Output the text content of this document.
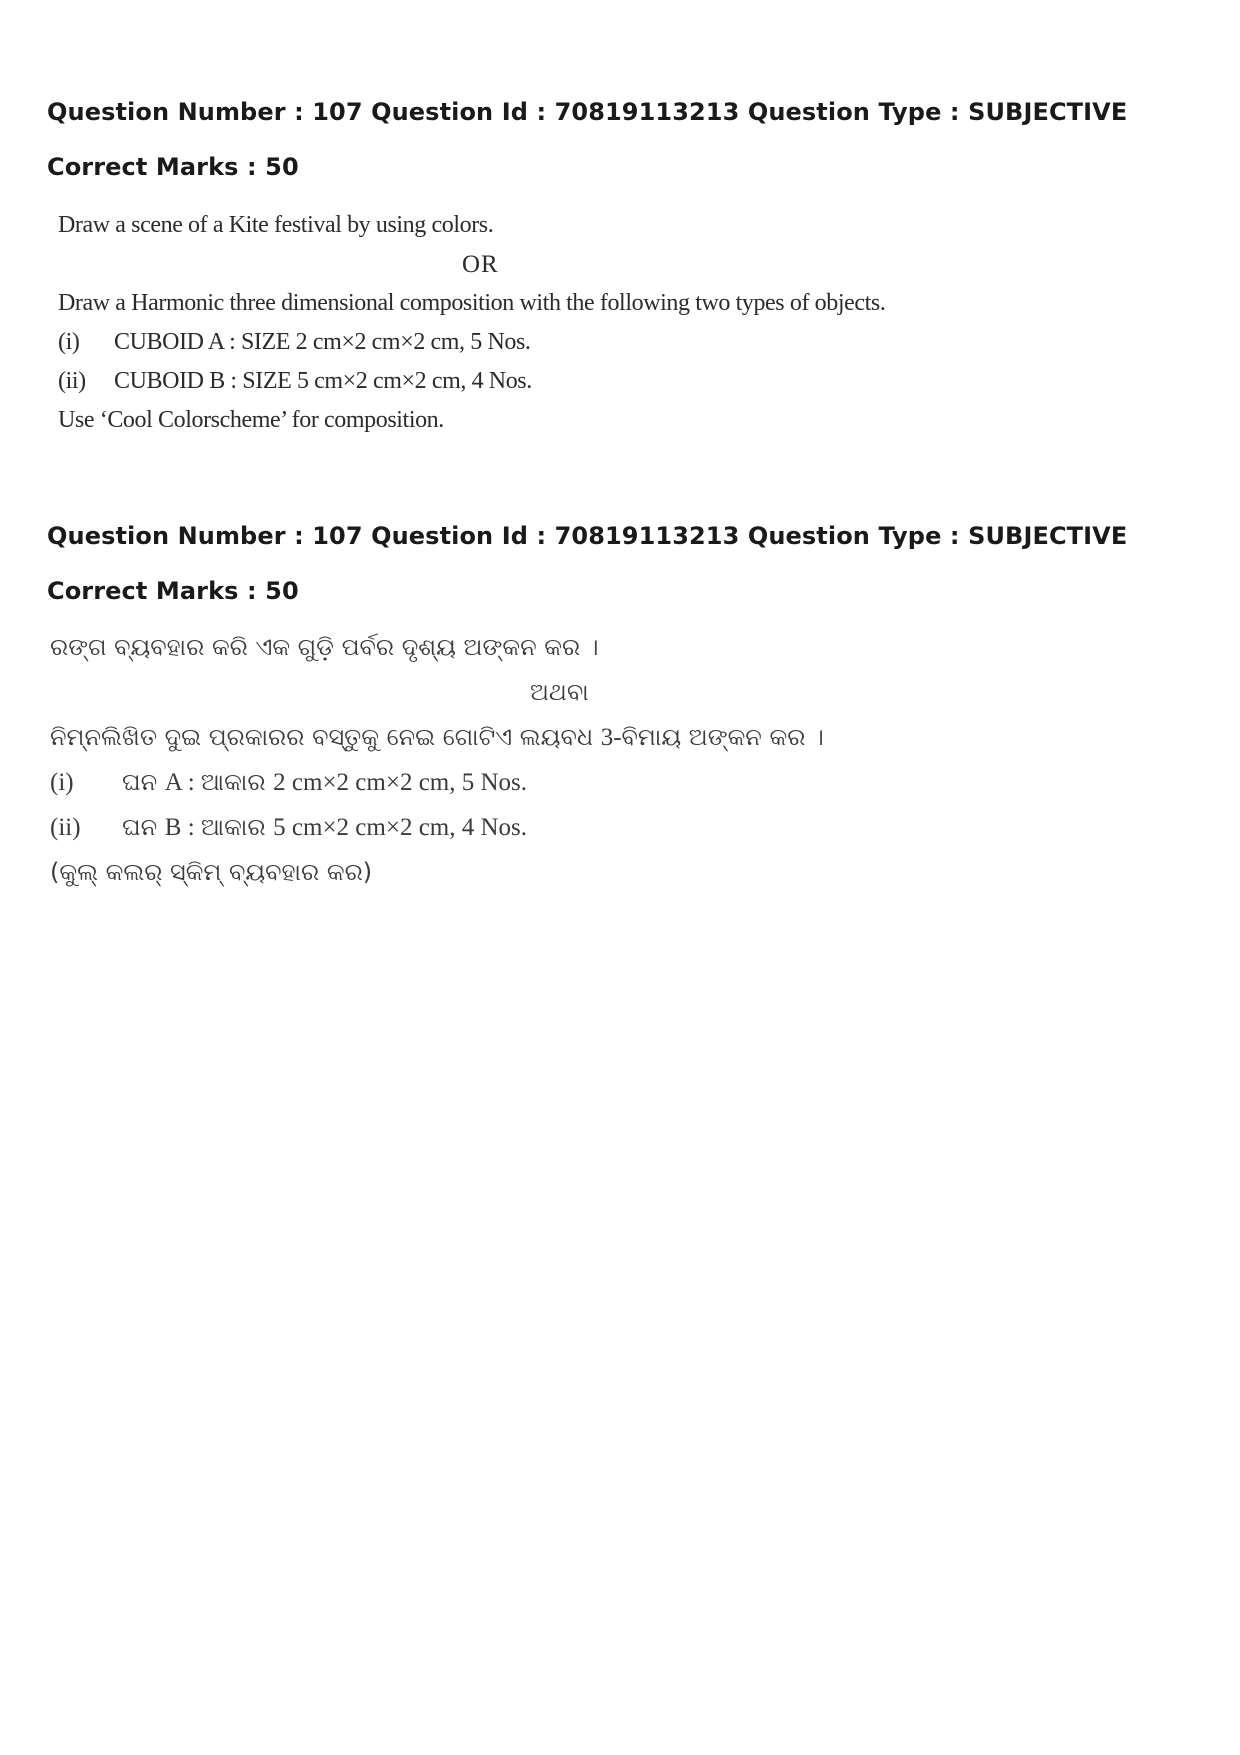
Question Number : 107 Question Id : 70819113213 Question Type : SUBJECTIVE
Correct Marks : 50
Draw a scene of a Kite festival by using colors.
OR
Draw a Harmonic three dimensional composition with the following two types of objects.
(i) CUBOID A : SIZE 2 cm×2 cm×2 cm, 5 Nos.
(ii) CUBOID B : SIZE 5 cm×2 cm×2 cm, 4 Nos.
Use ‘Cool Colorscheme’ for composition.
Question Number : 107 Question Id : 70819113213 Question Type : SUBJECTIVE
Correct Marks : 50
ରଙ୍ଗ ବ୍ୟବହାର କରି ଏକ ଗୁଡ଼ି ପର୍ବର ଦୃଶ୍ୟ ଅଙ୍କନ କର ।
ଅଥବା
ନିମ୍ନଲିଖିତ ଦୁଇ ପ୍ରକାରର ବସ୍ତୁକୁ ନେଇ ଗୋଟିଏ ଲୟବଧ 3-ବିମାୟ ଅଙ୍କନ କର ।
(i) ଘନ A : ଆକାର 2 cm×2 cm×2 cm, 5 Nos.
(ii) ଘନ B : ଆକାର 5 cm×2 cm×2 cm, 4 Nos.
(କୁଲ୍ କଲର୍ ସ୍କିମ୍ ବ୍ୟବହାର କର)
